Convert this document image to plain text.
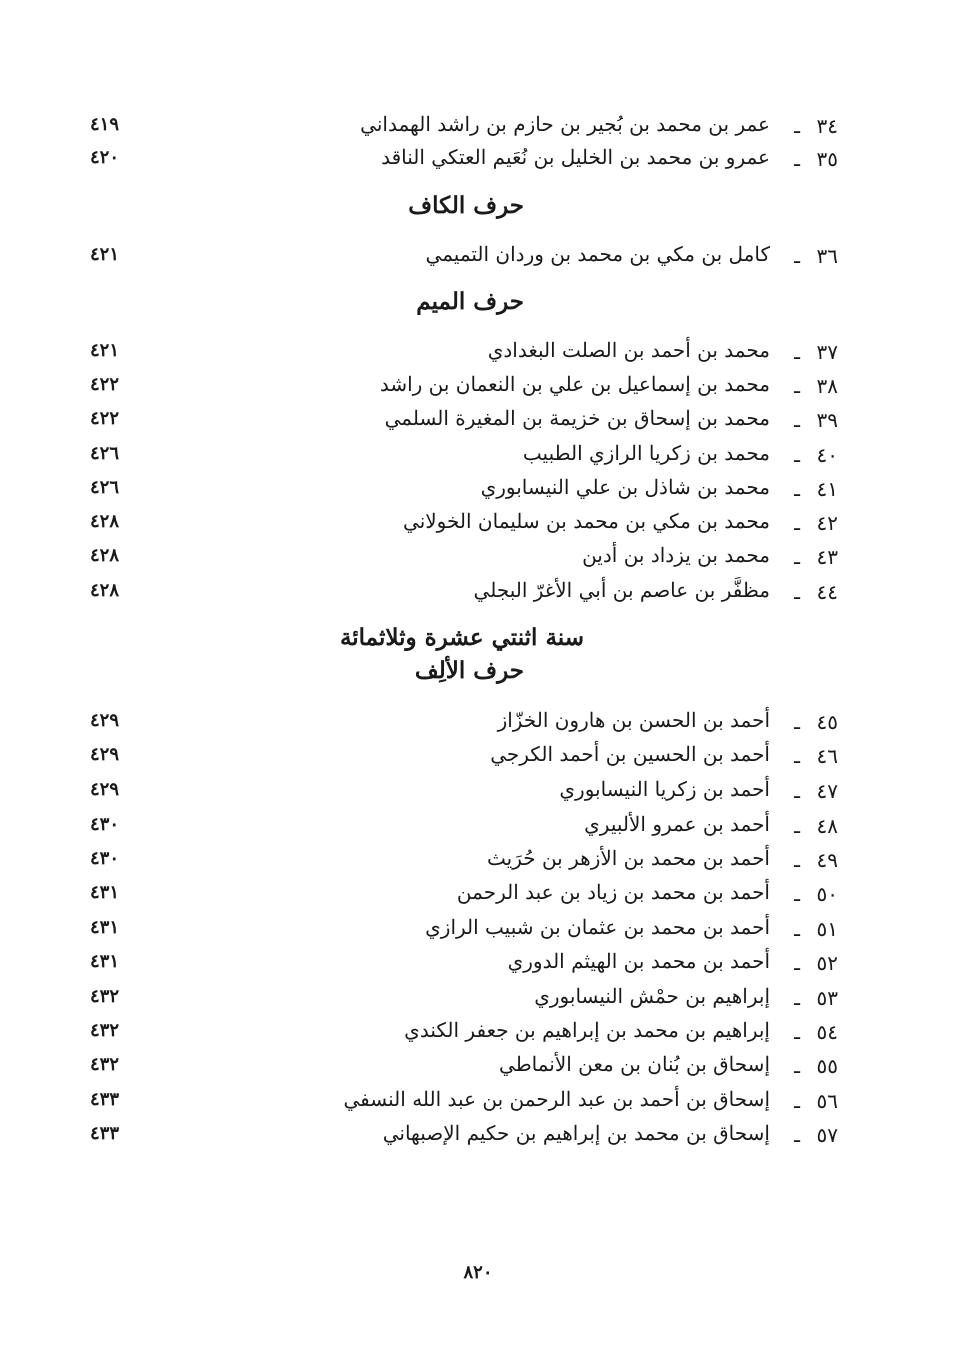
٣٤
ـ
عمر بن محمد بن بُجير بن حازم بن راشد الهمداني
٤١٩
٣٥
ـ
عمرو بن محمد بن الخليل بن نُعَيم العتكي الناقد
٤٢٠
حرف الكاف
٣٦
ـ
كامل بن مكي بن محمد بن وردان التميمي
٤٢١
حرف الميم
٣٧
ـ
محمد بن أحمد بن الصلت البغدادي
٤٢١
٣٨
ـ
محمد بن إسماعيل بن علي بن النعمان بن راشد
٤٢٢
٣٩
ـ
محمد بن إسحاق بن خزيمة بن المغيرة السلمي
٤٢٢
٤٠
ـ
محمد بن زكريا الرازي الطبيب
٤٢٦
٤١
ـ
محمد بن شاذل بن علي النيسابوري
٤٢٦
٤٢
ـ
محمد بن مكي بن محمد بن سليمان الخولاني
٤٢٨
٤٣
ـ
محمد بن يزداد بن أدين
٤٢٨
٤٤
ـ
مظفَّر بن عاصم بن أبي الأغرّ البجلي
٤٢٨
سنة اثنتي عشرة وثلاثمائة
حرف الألِف
٤٥
ـ
أحمد بن الحسن بن هارون الخزّاز
٤٢٩
٤٦
ـ
أحمد بن الحسين بن أحمد الكرجي
٤٢٩
٤٧
ـ
أحمد بن زكريا النيسابوري
٤٢٩
٤٨
ـ
أحمد بن عمرو الألبيري
٤٣٠
٤٩
ـ
أحمد بن محمد بن الأزهر بن حُرَيث
٤٣٠
٥٠
ـ
أحمد بن محمد بن زياد بن عبد الرحمن
٤٣١
٥١
ـ
أحمد بن محمد بن عثمان بن شبيب الرازي
٤٣١
٥٢
ـ
أحمد بن محمد بن الهيثم الدوري
٤٣١
٥٣
ـ
إبراهيم بن حمْش النيسابوري
٤٣٢
٥٤
ـ
إبراهيم بن محمد بن إبراهيم بن جعفر الكندي
٤٣٢
٥٥
ـ
إسحاق بن بُنان بن معن الأنماطي
٤٣٢
٥٦
ـ
إسحاق بن أحمد بن عبد الرحمن بن عبد الله النسفي
٤٣٣
٥٧
ـ
إسحاق بن محمد بن إبراهيم بن حكيم الإصبهاني
٤٣٣
٨٢٠
